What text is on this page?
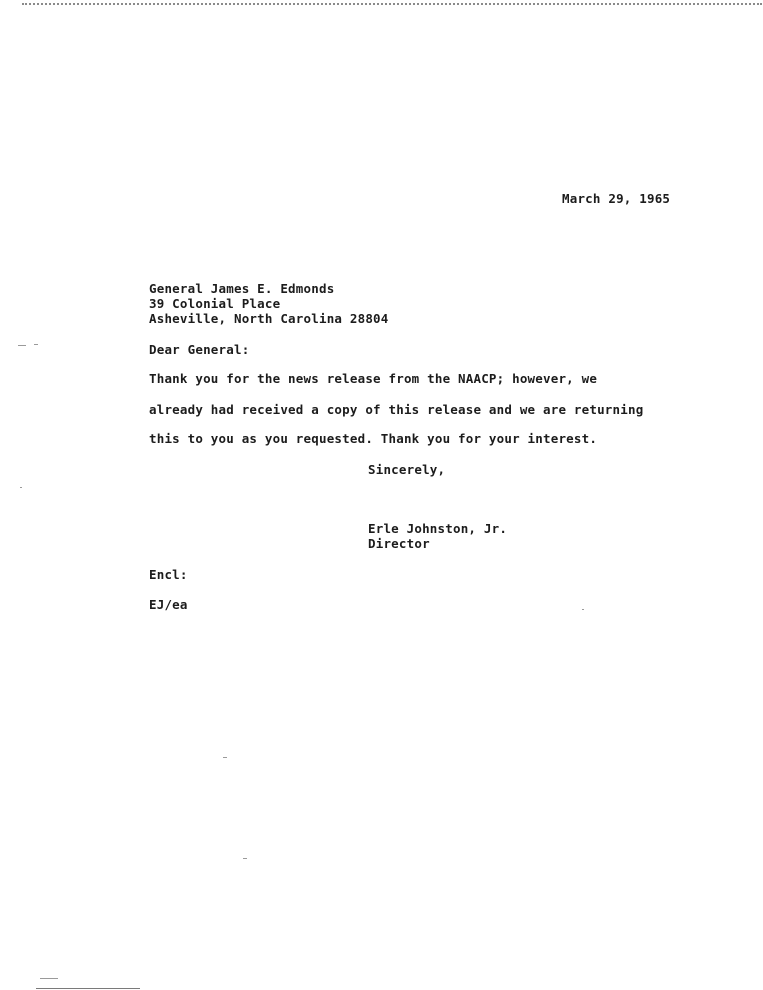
March 29, 1965
General James E. Edmonds
39 Colonial Place
Asheville, North Carolina 28804
Dear General:
Thank you for the news release from the NAACP; however, we
already had received a copy of this release and we are returning
this to you as you requested. Thank you for your interest.
Sincerely,
Erle Johnston, Jr.
Director
Encl:
EJ/ea
